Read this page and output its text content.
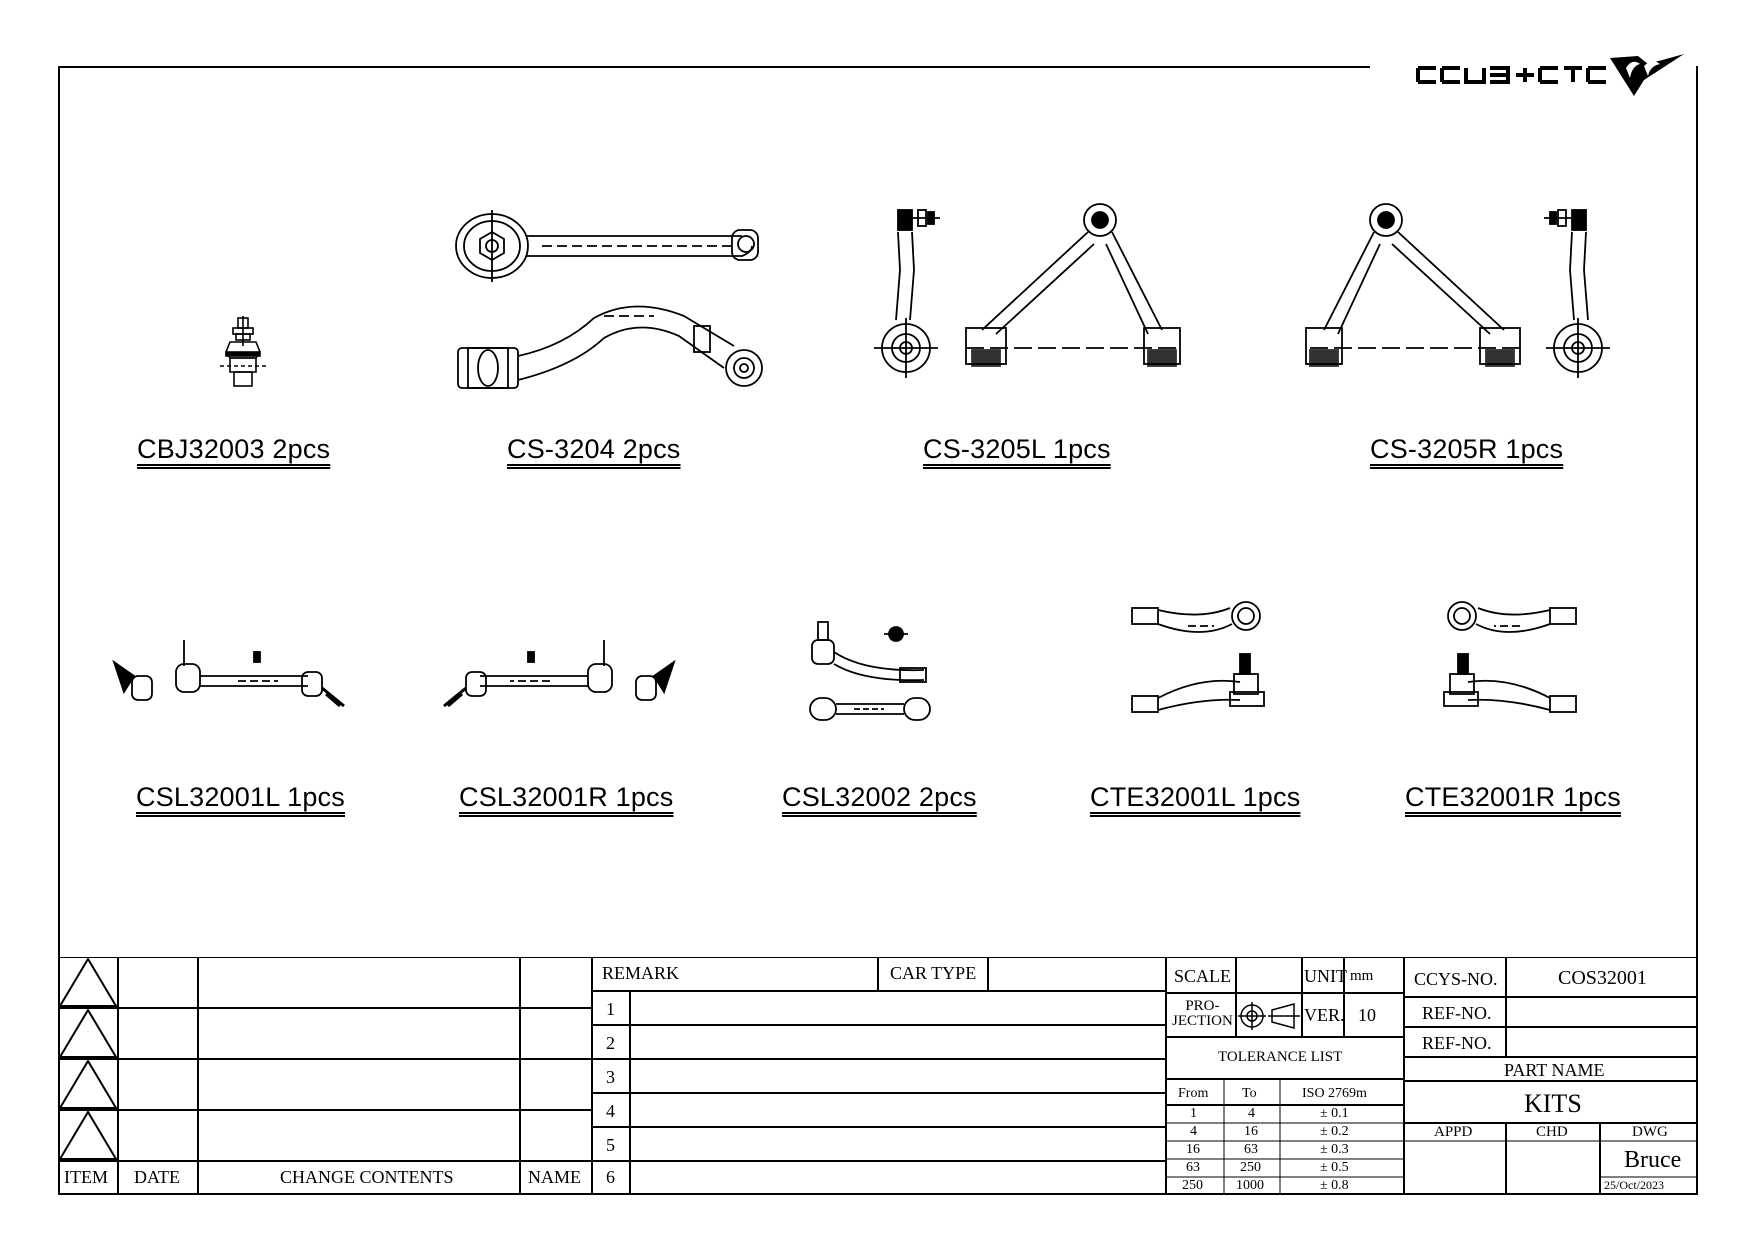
CBJ32003 2pcs	CS-3204 2pcs	CS-3205L 1pcs	CS-3205R 1pcs
CSL32001L 1pcs	CSL32001R 1pcs	CSL32002 2pcs	CTE32001L 1pcs	CTE32001R 1pcs
ITEM DATE	CHANGE CONTENTS	NAME
REMARK	CAR TYPE
1
2
3
4
5
6
SCALE	UNIT mm
PRO-
JECTION	VER. 10
TOLERANCE LIST
From To	ISO 2769m
1	4	± 0.1
4	16	± 0.2
16	63	± 0.3
63	250	± 0.5
250 1000	± 0.8
CCYS-NO.	COS32001
REF-NO.
REF-NO.
PART NAME
KITS
APPD	CHD	DWG
Bruce
25/Oct/2023
